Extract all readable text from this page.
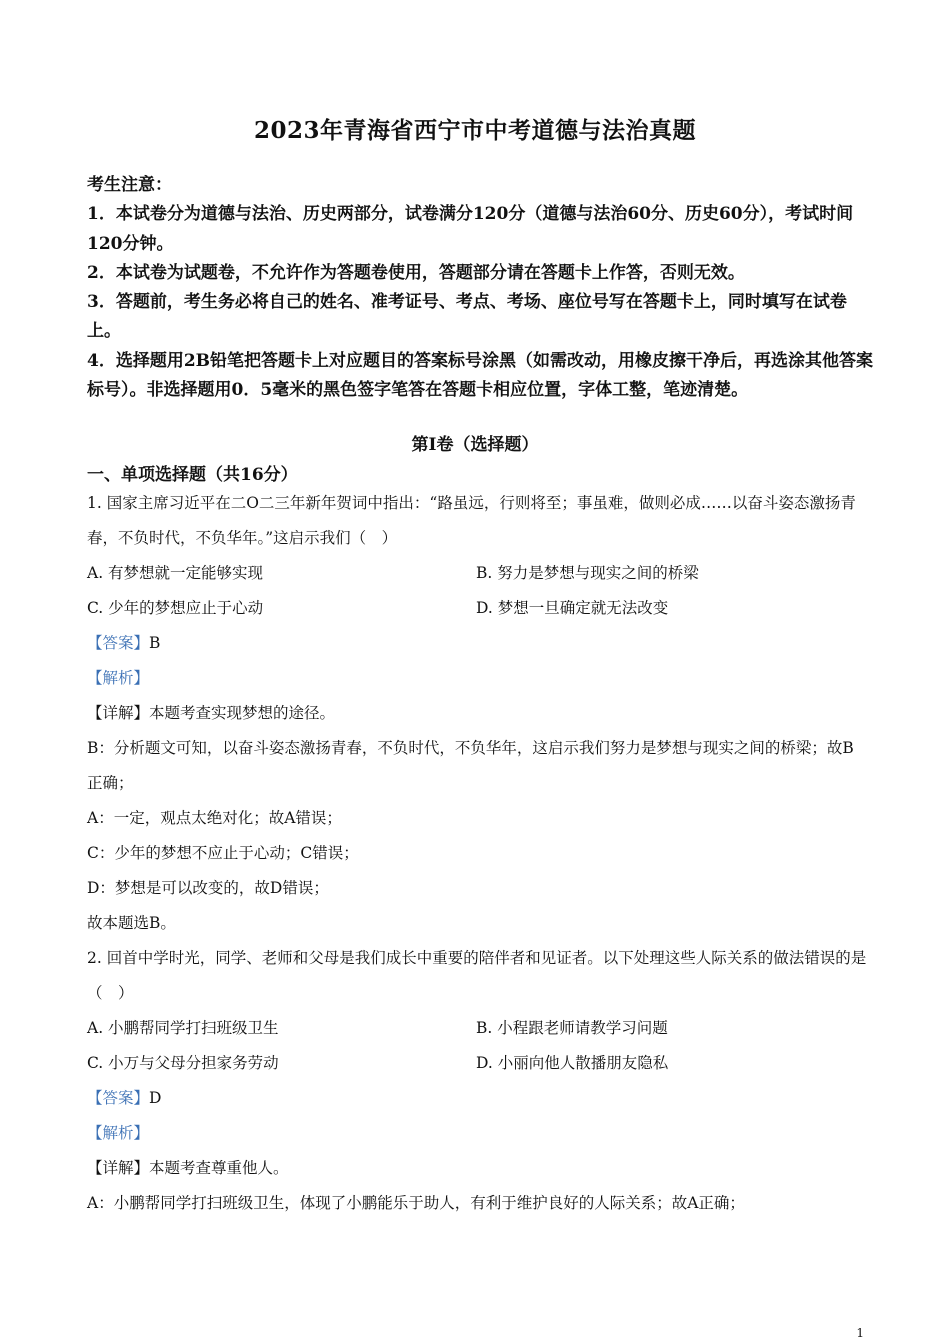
2023年青海省西宁市中考道德与法治真题
考生注意：
1．本试卷分为道德与法治、历史两部分，试卷满分120分（道德与法治60分、历史60分），考试时间120分钟。
2．本试卷为试题卷，不允许作为答题卷使用，答题部分请在答题卡上作答，否则无效。
3．答题前，考生务必将自己的姓名、准考证号、考点、考场、座位号写在答题卡上，同时填写在试卷上。
4．选择题用2B铅笔把答题卡上对应题目的答案标号涂黑（如需改动，用橡皮擦干净后，再选涂其他答案标号）。非选择题用0．5毫米的黑色签字笔答在答题卡相应位置，字体工整，笔迹清楚。
第Ⅰ卷（选择题）
一、单项选择题（共16分）
1. 国家主席习近平在二O二三年新年贺词中指出：“路虽远，行则将至；事虽难，做则必成……以奋斗姿态激扬青春，不负时代，不负华年。”这启示我们（　）
A. 有梦想就一定能够实现	B. 努力是梦想与现实之间的桥梁
C. 少年的梦想应止于心动	D. 梦想一旦确定就无法改变
【答案】B
【解析】
【详解】本题考查实现梦想的途径。
B：分析题文可知，以奋斗姿态激扬青春，不负时代，不负华年，这启示我们努力是梦想与现实之间的桥梁；故B正确；
A：一定，观点太绝对化；故A错误；
C：少年的梦想不应止于心动；C错误；
D：梦想是可以改变的，故D错误；
故本题选B。
2. 回首中学时光，同学、老师和父母是我们成长中重要的陪伴者和见证者。以下处理这些人际关系的做法错误的是（　）
A. 小鹏帮同学打扫班级卫生	B. 小程跟老师请教学习问题
C. 小万与父母分担家务劳动	D. 小丽向他人散播朋友隐私
【答案】D
【解析】
【详解】本题考查尊重他人。
A：小鹏帮同学打扫班级卫生，体现了小鹏能乐于助人，有利于维护良好的人际关系；故A正确；
1
